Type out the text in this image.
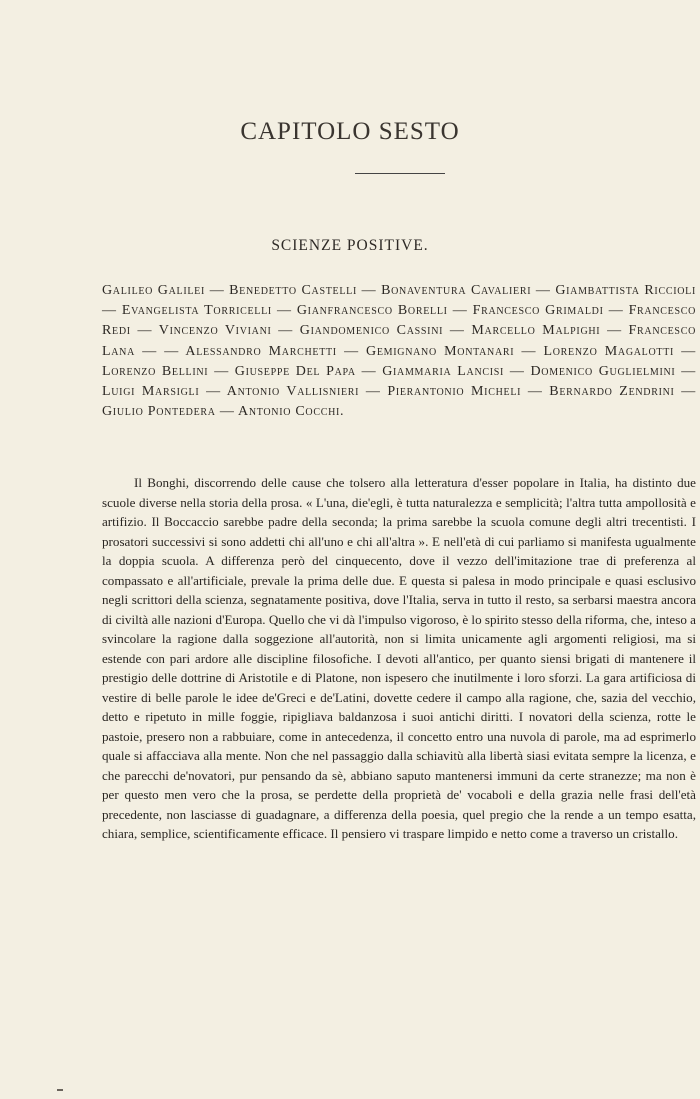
CAPITOLO SESTO
SCIENZE POSITIVE.

Galileo Galilei — Benedetto Castelli — Bonaventura Cavalieri — Giambattista Riccioli — Evangelista Torricelli — Gianfrancesco Borelli — Francesco Grimaldi — Francesco Redi — Vincenzo Viviani — Giandomenico Cassini — Marcello Malpighi — Francesco Lana — — Alessandro Marchetti — Gemignano Montanari — Lorenzo Magalotti — Lorenzo Bellini — Giuseppe Del Papa — Giammaria Lancisi — Domenico Guglielmini — Luigi Marsigli — Antonio Vallisnieri — Pierantonio Micheli — Bernardo Zendrini — Giulio Pontedera — Antonio Cocchi.

Il Bonghi, discorrendo delle cause che tolsero alla letteratura d'esser popolare in Italia, ha distinto due scuole diverse nella storia della prosa. « L'una, die'egli, è tutta naturalezza e semplicità; l'altra tutta ampollosità e artifizio. Il Boccaccio sarebbe padre della seconda; la prima sarebbe la scuola comune degli altri trecentisti. I prosatori successivi si sono addetti chi all'uno e chi all'altra ». E nell'età di cui parliamo si manifesta ugualmente la doppia scuola. A differenza però del cinquecento, dove il vezzo dell'imitazione trae di preferenza al compassato e all'artificiale, prevale la prima delle due. E questa si palesa in modo principale e quasi esclusivo negli scrittori della scienza, segnatamente positiva, dove l'Italia, serva in tutto il resto, sa serbarsi maestra ancora di civiltà alle nazioni d'Europa. Quello che vi dà l'impulso vigoroso, è lo spirito stesso della riforma, che, inteso a svincolare la ragione dalla soggezione all'autorità, non si limita unicamente agli argomenti religiosi, ma si estende con pari ardore alle discipline filosofiche. I devoti all'antico, per quanto siensi brigati di mantenere il prestigio delle dottrine di Aristotile e di Platone, non ispesero che inutilmente i loro sforzi. La gara artificiosa di vestire di belle parole le idee de'Greci e de'Latini, dovette cedere il campo alla ragione, che, sazia del vecchio, detto e ripetuto in mille foggie, ripigliava baldanzosa i suoi antichi diritti. I novatori della scienza, rotte le pastoie, presero non a rabbuiare, come in antecedenza, il concetto entro una nuvola di parole, ma ad esprimerlo quale si affacciava alla mente. Non che nel passaggio dalla schiavitù alla libertà siasi evitata sempre la licenza, e che parecchi de'novatori, pur pensando da sè, abbiano saputo mantenersi immuni da certe stranezze; ma non è per questo men vero che la prosa, se perdette della proprietà de' vocaboli e della grazia nelle frasi dell'età precedente, non lasciasse di guadagnare, a differenza della poesia, quel pregio che la rende a un tempo esatta, chiara, semplice, scientificamente efficace. Il pensiero vi traspare limpido e netto come a traverso un cristallo.
